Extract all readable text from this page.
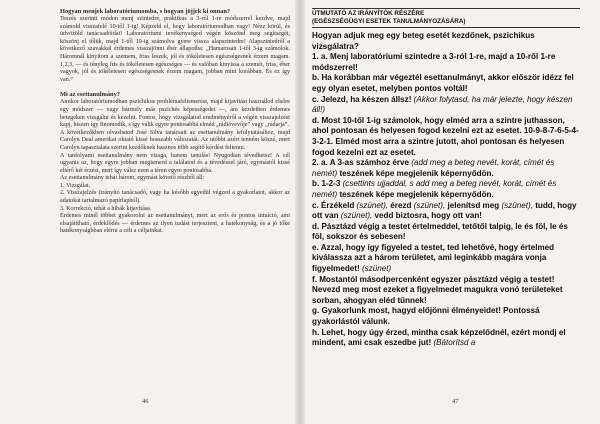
Hogyan menjek laboratóriumomba, s hogyan jöjjek ki onnan?

Teszés szerinti módon menj szintedre, praktikus a 3-ról 1-re módszerrel kezdve, majd számold visszafelé 10-től 1-ig! Képzeld el, hogy laboratóriumodban vagy! Nézz körül, és üdvözöld tanácsadóidat! Laboratóriumi tevékenységed végén köszönd meg segítségét, köszönj el tőlük, majd 1-től 10-ig számolva gyere vissza alapszintedre! Alapszintedről a következő szavakkal érdemes visszajönni ébér állapotba: „Hamarosan 1-től 3-ig számolok. Háromnál kinyitom a szemem, friss leszek, jól és tökéletesen egészségesnek érzem magam. 1,2,3, — és tényleg fris és tökéletesen egészséges — és valóban kinyissa a szemét, friss, éber vagyok, jól és tökéletesen egészségesnek érzem magam, jobban mint korábban. És ez így van.”

Mi az esettanulmány?

Amikor laboratóriumodban pszichikus problémafelismerést, majd kijavítást használod elsőre egy módszer — vagy bármely más pszichés képességedet —, ám kezdetben érdemes betegeken vizsgálni és kezelni. Fontos, hogy vizsgálatod eredményéről a végén visszajelzést kapj, hiszen így finomodik, s így válik egyre pontosabbá elméd „rádióvevője” vagy „radarja”.

A következőkben olvashatod José Silva tanácsait az esettanulmány lefolytatásához, majd Carolyn Deal amerikai oktató kissé hosszabb változatát. Az utóbbi azért tenném közzé, mert Carolyn tapasztalata szerint kezdőknek hasznos több segítő kérdést feltenni.

A tanfolyami esettanulmány nem vizsga, hanem tanulás! Nyugodtan tévedhetsz! A cél ugyanis az, hogy egyre jobban megismerd a találatod és a tévedéssel járó, egymástól kissé eltérő két érzést, mert így válsz ezen a téren egyre pontosabbá.

Az esettanulmány tehát három, egymást követő részből áll:

1. Vizsgálat.

2. Visszajelzés (irányító tanácsadó, vagy ha később egyedül végzed a gyakorlatot, akkor az adatokat tartalmazó papírlapból).

3. Korrekció, tehát a hibák kijavítása.

Érdemes minél többet gyakorolni az esettanulmányt, mert az erős és pontos intuíció, ami elsajátítható, érdeklődés — érdemes az ilyen tudást terjeszteni, a hatékonyság, és a jó tőke hatékonyságbban elérni a célt a céljainkat.

46
ÚTMUTATÓ AZ IRÁNYÍTÓK RÉSZÉRE
(EGÉSZSÉGÜGYI ESETEK TANULMÁNYOZÁSÁRA)

Hogyan adjuk meg egy beteg esetét kezdőnek, pszichikus vizsgálatra?

1. a. Menj laboratóriumi szintedre a 3-ról 1-re, majd a 10-ről 1-re módszerrel!

b. Ha korábban már végeztél esettanulmányt, akkor először idézz fel egy olyan esetet, melyben pontos voltál!

c. Jelezd, ha készen állsz! (Akkor folytasd, ha már jelezte, hogy készen áll!)

d. Most 10-től 1-ig számolok, hogy elméd arra a szintre juthasson, ahol pontosan és helyesen fogod kezelni ezt az esetet. 10-9-8-7-6-5-4-3-2-1. Elméd most arra a szintre jutott, ahol pontosan és helyesen fogod kezelni ezt az esetet.

2. a. A 3-as számhoz érve (add meg a beteg nevét, korát, címét és nemét) teszének képe megjelenik képernyődön.

b. 1-2-3 (csettints ujjaddal, s add meg a beteg nevét, korát, címét és nemét) teszének képe megjelenik képernyődön.

c. Érzékeld (szünet), érezd (szünet), jelenítsd meg (szünet), tudd, hogy ott van (szünet), vedd biztosra, hogy ott van!

d. Pásztázd végig a testet értelmeddel, tetőtől talpig, le és föl, le és föl, sokszor és sebesen!

e. Azzal, hogy így figyeled a testet, ted lehetővé, hogy értelmed kiválassza azt a három területet, ami leginkább magára vonja figyelmedet! (szünet)

f. Mostantól másodpercenként egyszer pásztázd végig a testet! Nevezd meg most ezeket a figyelmedet magukra vonó területeket sorban, ahogyan eléd tűnnek!

g. Gyakorlunk most, hagyd előjönni élményeidet! Pontossá gyakorlástól válunk.

h. Lehet, hogy úgy érzed, mintha csak képzelődnél, ezért mondj el mindent, ami csak eszedbe jut! (Bátorítsd a

47
